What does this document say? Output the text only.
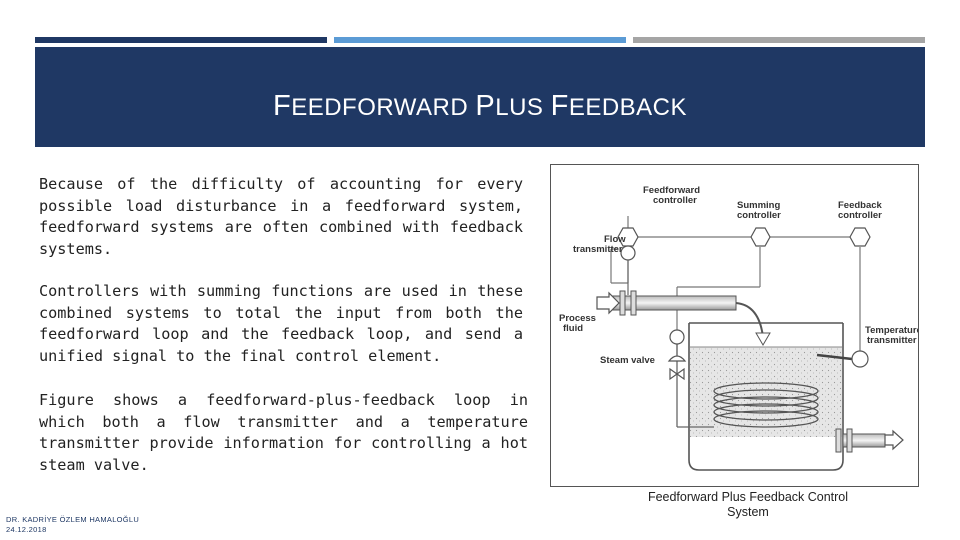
FEEDFORWARD PLUS FEEDBACK

Because of the difficulty of accounting for every possible load disturbance in a feedforward system, feedforward systems are often combined with feedback systems.

Controllers with summing functions are used in these combined systems to total the input from both the feedforward loop and the feedback loop, and send a unified signal to the final control element.

Figure shows a feedforward-plus-feedback loop in which both a flow transmitter and a temperature transmitter provide information for controlling a hot steam valve.

DR. KADRİYE ÖZLEM HAMALOĞLU
24.12.2018
Feedforward
controller	Summing
controller
Feedback
controller
Flow
transmitter
Process
fluid
Steam valve
Temperature
transmitter
Feedforward Plus Feedback Control
System
